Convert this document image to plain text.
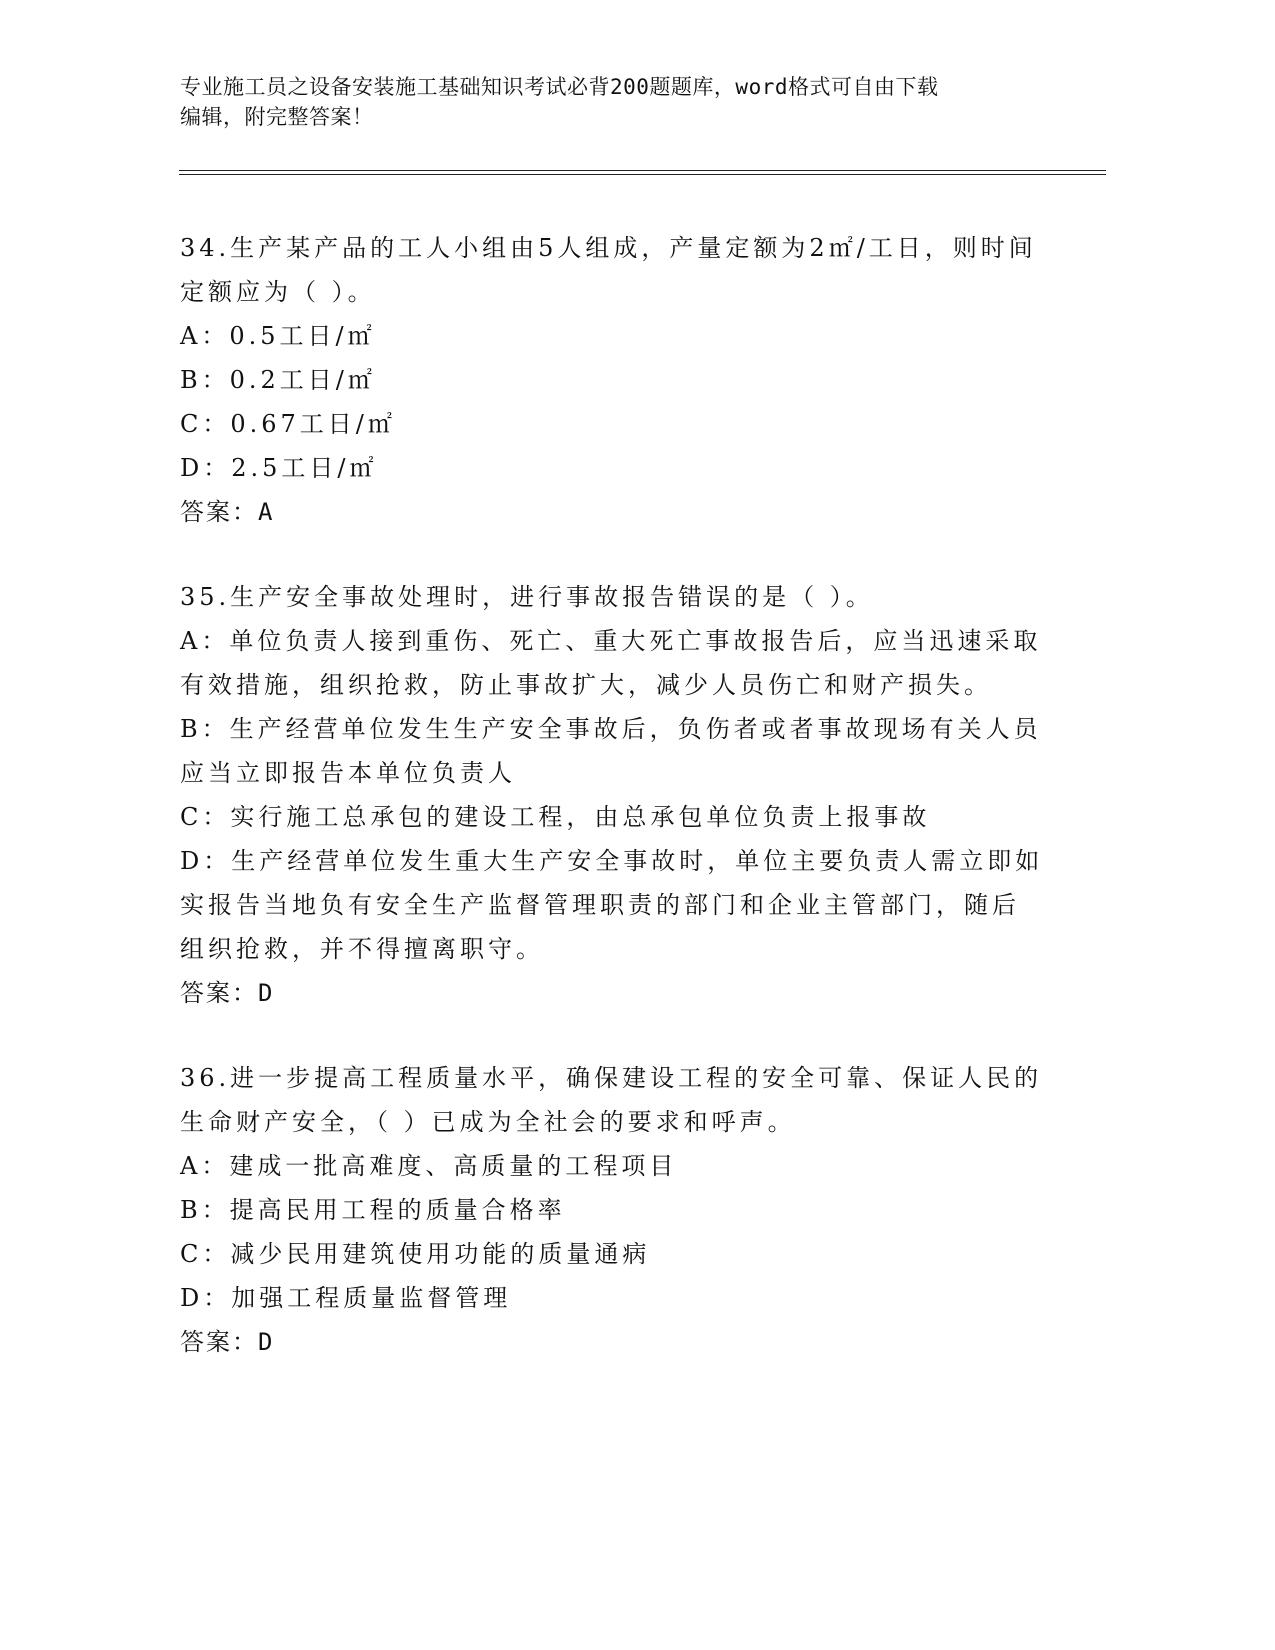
专业施工员之设备安装施工基础知识考试必背200题题库，word格式可自由下载
编辑，附完整答案！
34.生产某产品的工人小组由5人组成，产量定额为2㎡/工日，则时间
定额应为（ ）。
A：0.5工日/㎡
B：0.2工日/㎡
C：0.67工日/㎡
D：2.5工日/㎡
答案：A
35.生产安全事故处理时，进行事故报告错误的是（ ）。
A：单位负责人接到重伤、死亡、重大死亡事故报告后，应当迅速采取
有效措施，组织抢救，防止事故扩大，减少人员伤亡和财产损失。
B：生产经营单位发生生产安全事故后，负伤者或者事故现场有关人员
应当立即报告本单位负责人
C：实行施工总承包的建设工程，由总承包单位负责上报事故
D：生产经营单位发生重大生产安全事故时，单位主要负责人需立即如
实报告当地负有安全生产监督管理职责的部门和企业主管部门，随后
组织抢救，并不得擅离职守。
答案：D
36.进一步提高工程质量水平，确保建设工程的安全可靠、保证人民的
生命财产安全，（ ）已成为全社会的要求和呼声。
A：建成一批高难度、高质量的工程项目
B：提高民用工程的质量合格率
C：减少民用建筑使用功能的质量通病
D：加强工程质量监督管理
答案：D
